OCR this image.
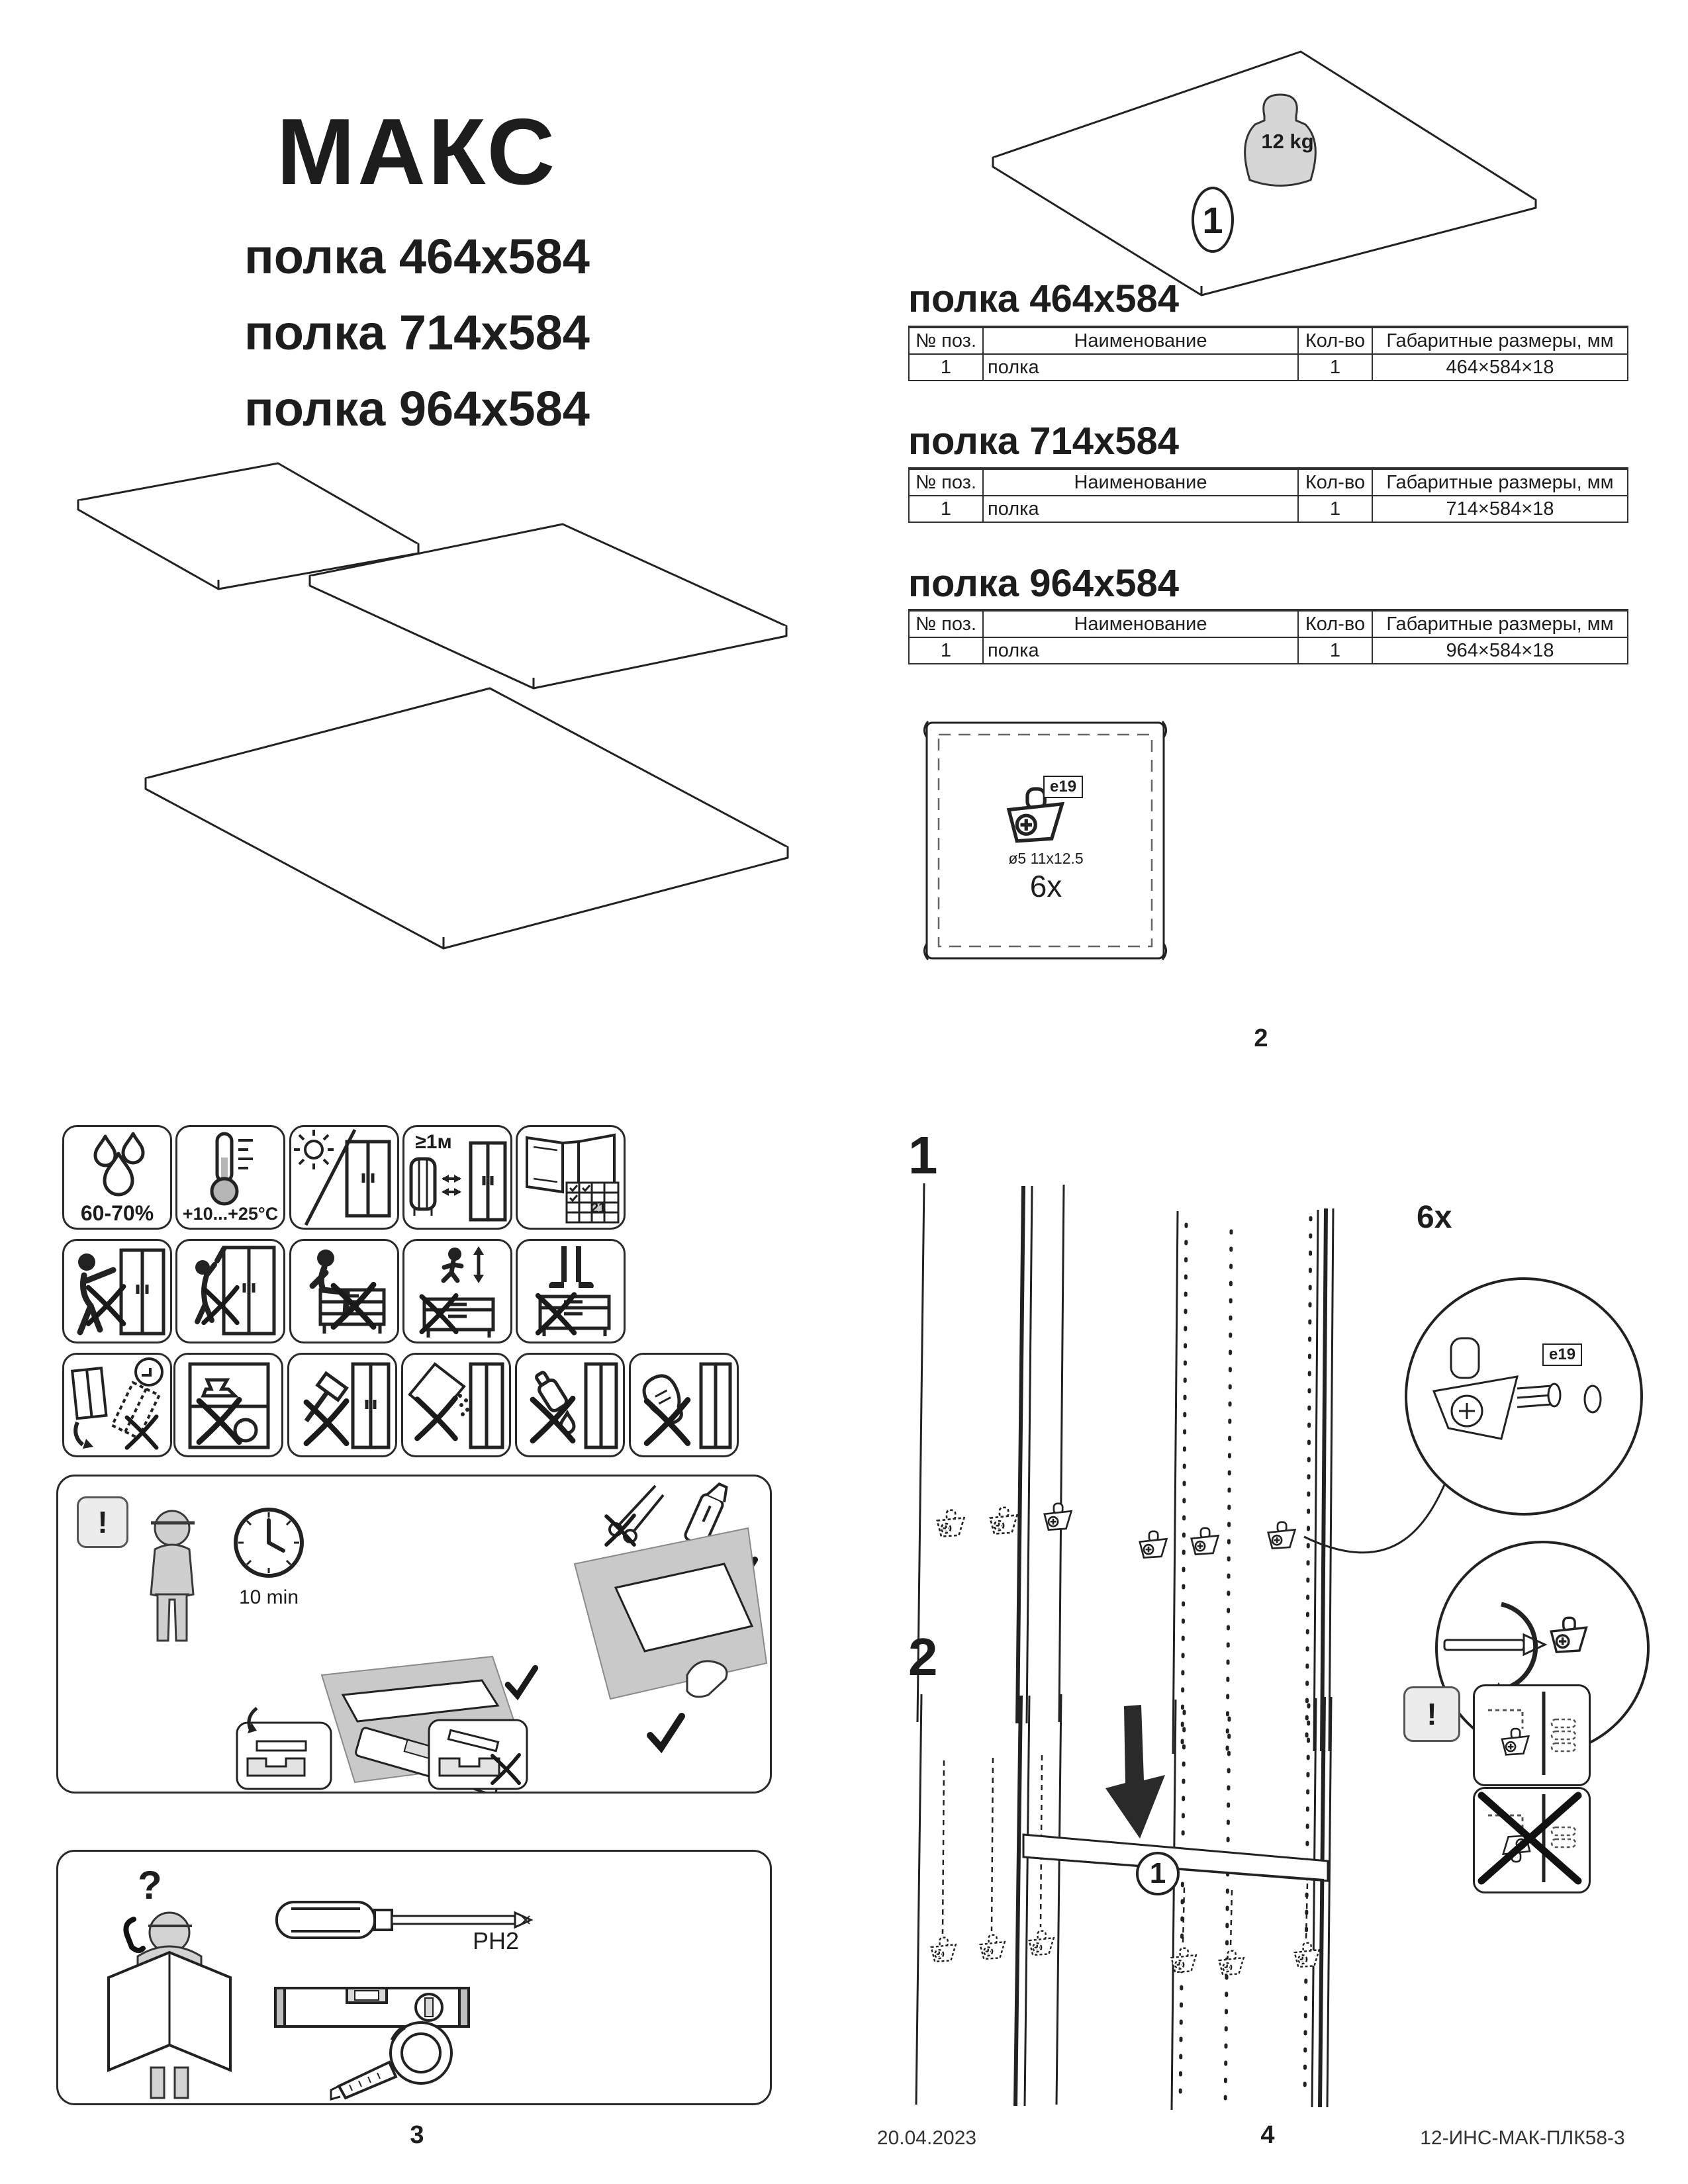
МАКС
полка 464x584
полка 714x584
полка 964x584
12 kg
1
полка 464x584
№ поз.	Наименование	Кол-во	Габаритные размеры, мм
1	полка	1	464×584×18
полка 714x584
№ поз.	Наименование	Кол-во	Габаритные размеры, мм
1	полка	1	714×584×18
полка 964x584
№ поз.	Наименование	Кол-во	Габаритные размеры, мм
1	полка	1	964×584×18
e19
ø5 11x12.5
6x
2
60-70%	+10...+25°C
≥1м
21
!
10 min
?
PH2
1
6x
e19
2
1
!
3	20.04.2023	4	12-ИНС-МАК-ПЛК58-3
